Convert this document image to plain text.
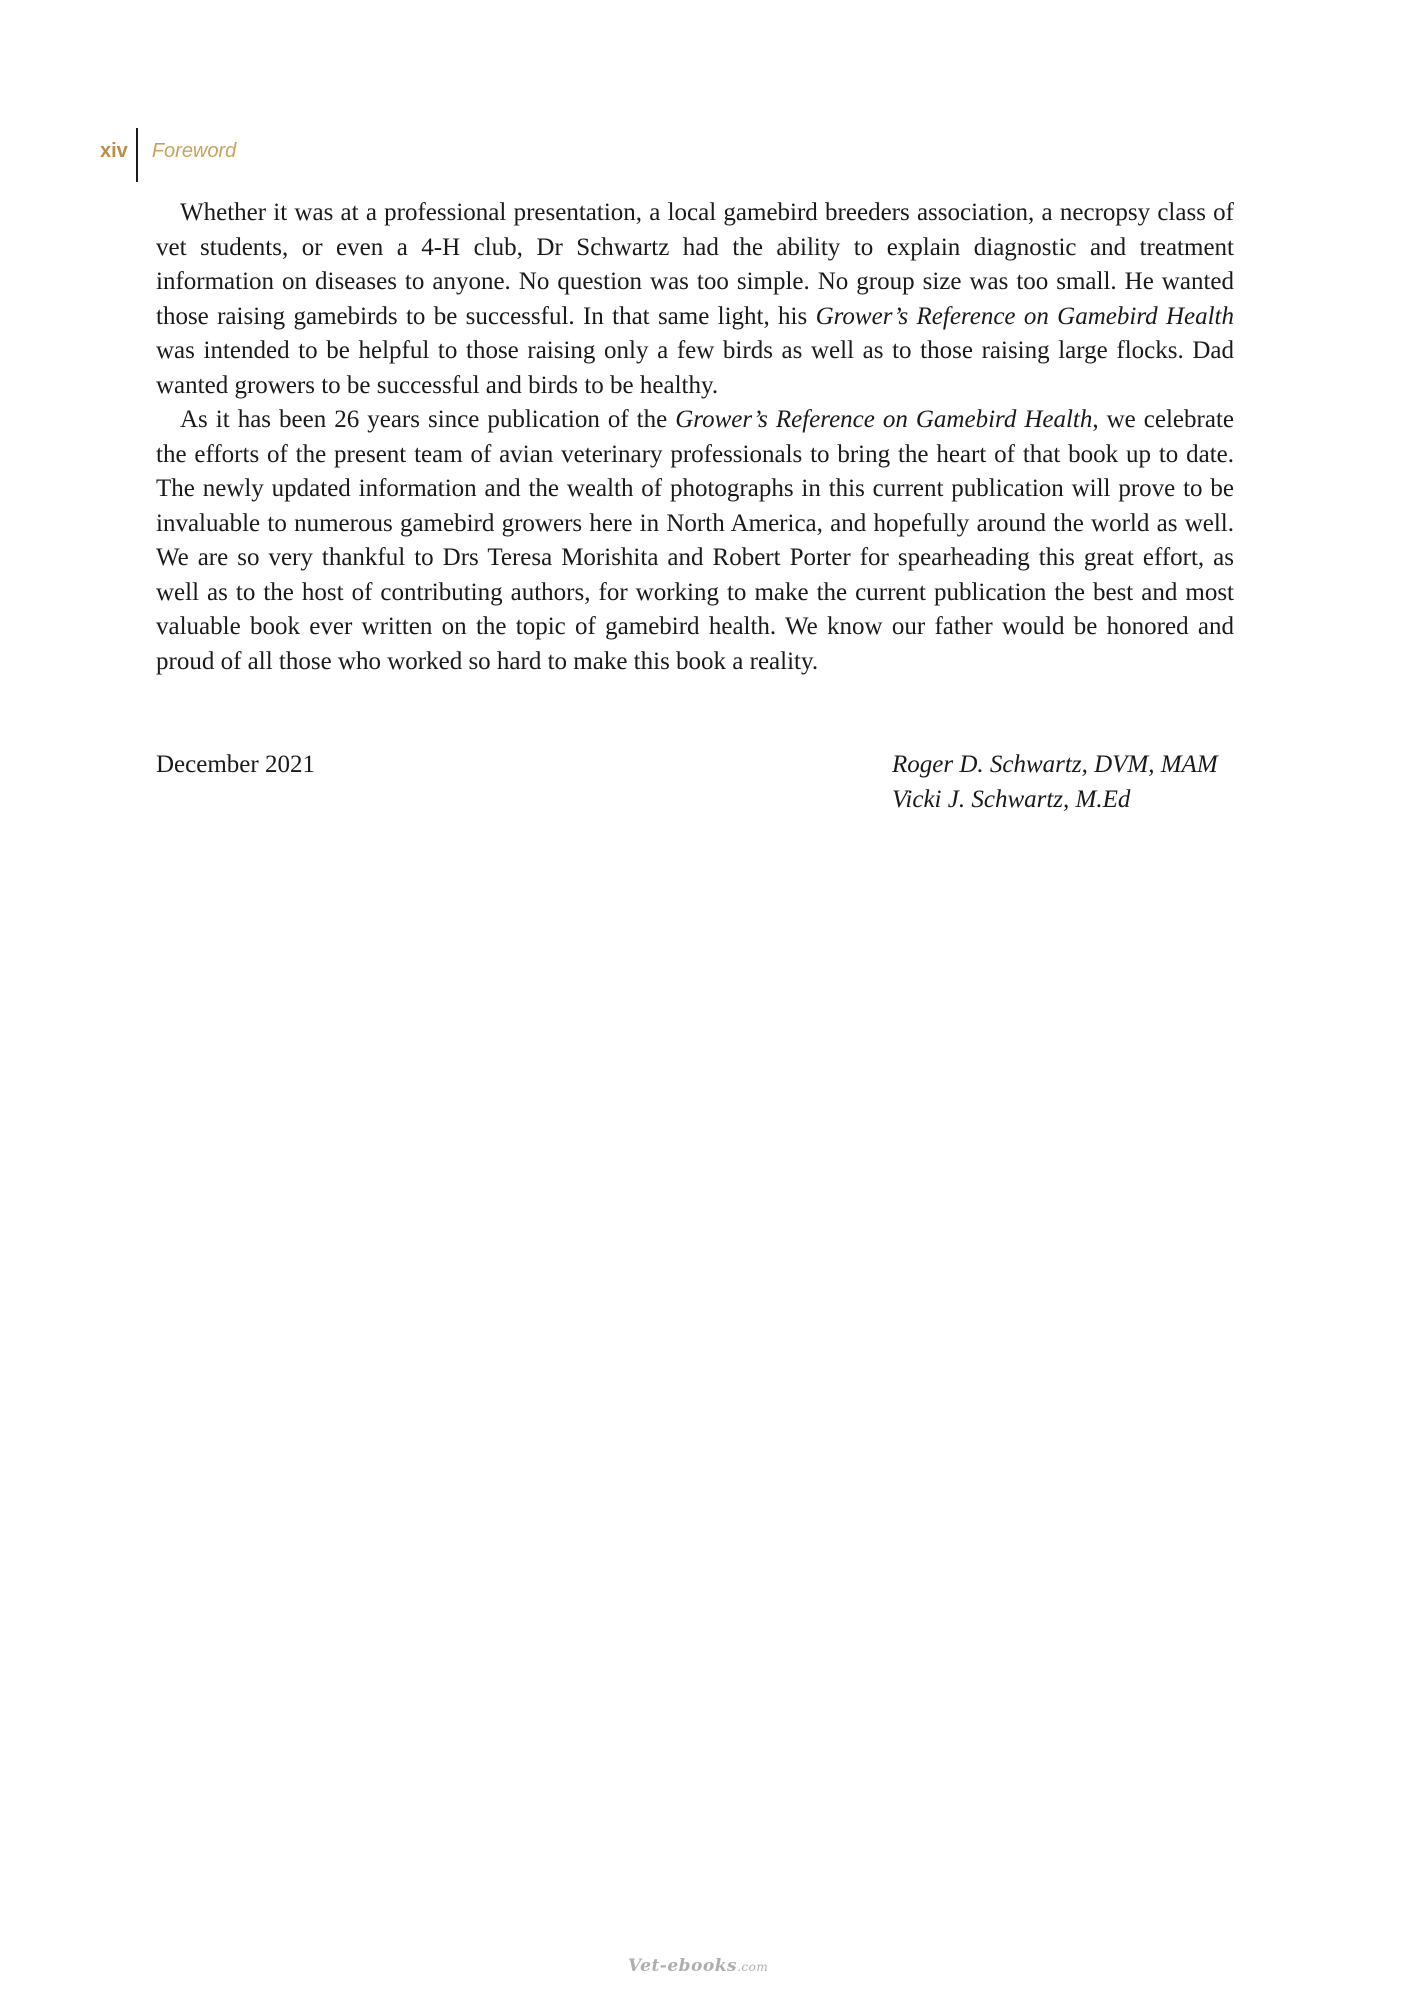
xiv	Foreword

Whether it was at a professional presentation, a local gamebird breeders association, a necropsy class of vet students, or even a 4-H club, Dr Schwartz had the ability to explain diagnostic and treatment information on diseases to anyone. No question was too simple. No group size was too small. He wanted those raising gamebirds to be successful. In that same light, his Grower’s Reference on Gamebird Health was intended to be helpful to those raising only a few birds as well as to those raising large flocks. Dad wanted growers to be successful and birds to be healthy.

As it has been 26 years since publication of the Grower’s Reference on Gamebird Health, we celebrate the efforts of the present team of avian veterinary professionals to bring the heart of that book up to date. The newly updated information and the wealth of photographs in this current publication will prove to be invaluable to numerous gamebird growers here in North America, and hopefully around the world as well. We are so very thankful to Drs Teresa Morishita and Robert Porter for spearheading this great effort, as well as to the host of contributing authors, for working to make the current publication the best and most valuable book ever written on the topic of gamebird health. We know our father would be honored and proud of all those who worked so hard to make this book a reality.

December 2021	Roger D. Schwartz, DVM, MAM
Vicki J. Schwartz, M.Ed
Vet-ebooks.com
